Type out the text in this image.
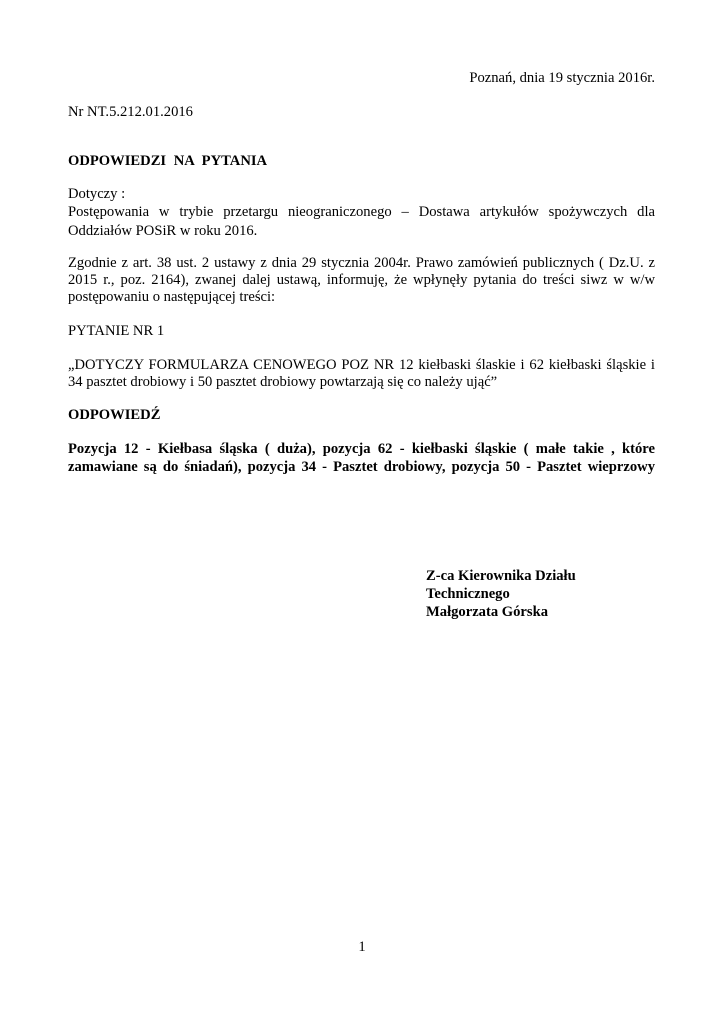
Poznań, dnia 19 stycznia 2016r.

Nr NT.5.212.01.2016

ODPOWIEDZI NA PYTANIA

Dotyczy :

Postępowania w trybie przetargu nieograniczonego – Dostawa artykułów spożywczych dla Oddziałów POSiR w roku 2016.

Zgodnie z art. 38 ust. 2 ustawy z dnia 29 stycznia 2004r. Prawo zamówień publicznych ( Dz.U. z 2015 r., poz. 2164), zwanej dalej ustawą, informuję, że wpłynęły pytania do treści siwz w w/w postępowaniu o następującej treści:

PYTANIE NR 1

„DOTYCZY FORMULARZA CENOWEGO POZ NR 12 kiełbaski ślaskie i 62 kiełbaski śląskie i 34 pasztet drobiowy i 50 pasztet drobiowy powtarzają się co należy ująć”

ODPOWIEDŹ

Pozycja 12 - Kiełbasa śląska ( duża), pozycja 62 - kiełbaski śląskie ( małe takie , które zamawiane są do śniadań), pozycja 34 - Pasztet drobiowy, pozycja 50 - Pasztet wieprzowy

Z-ca Kierownika Działu
Technicznego
Małgorzata Górska
1
